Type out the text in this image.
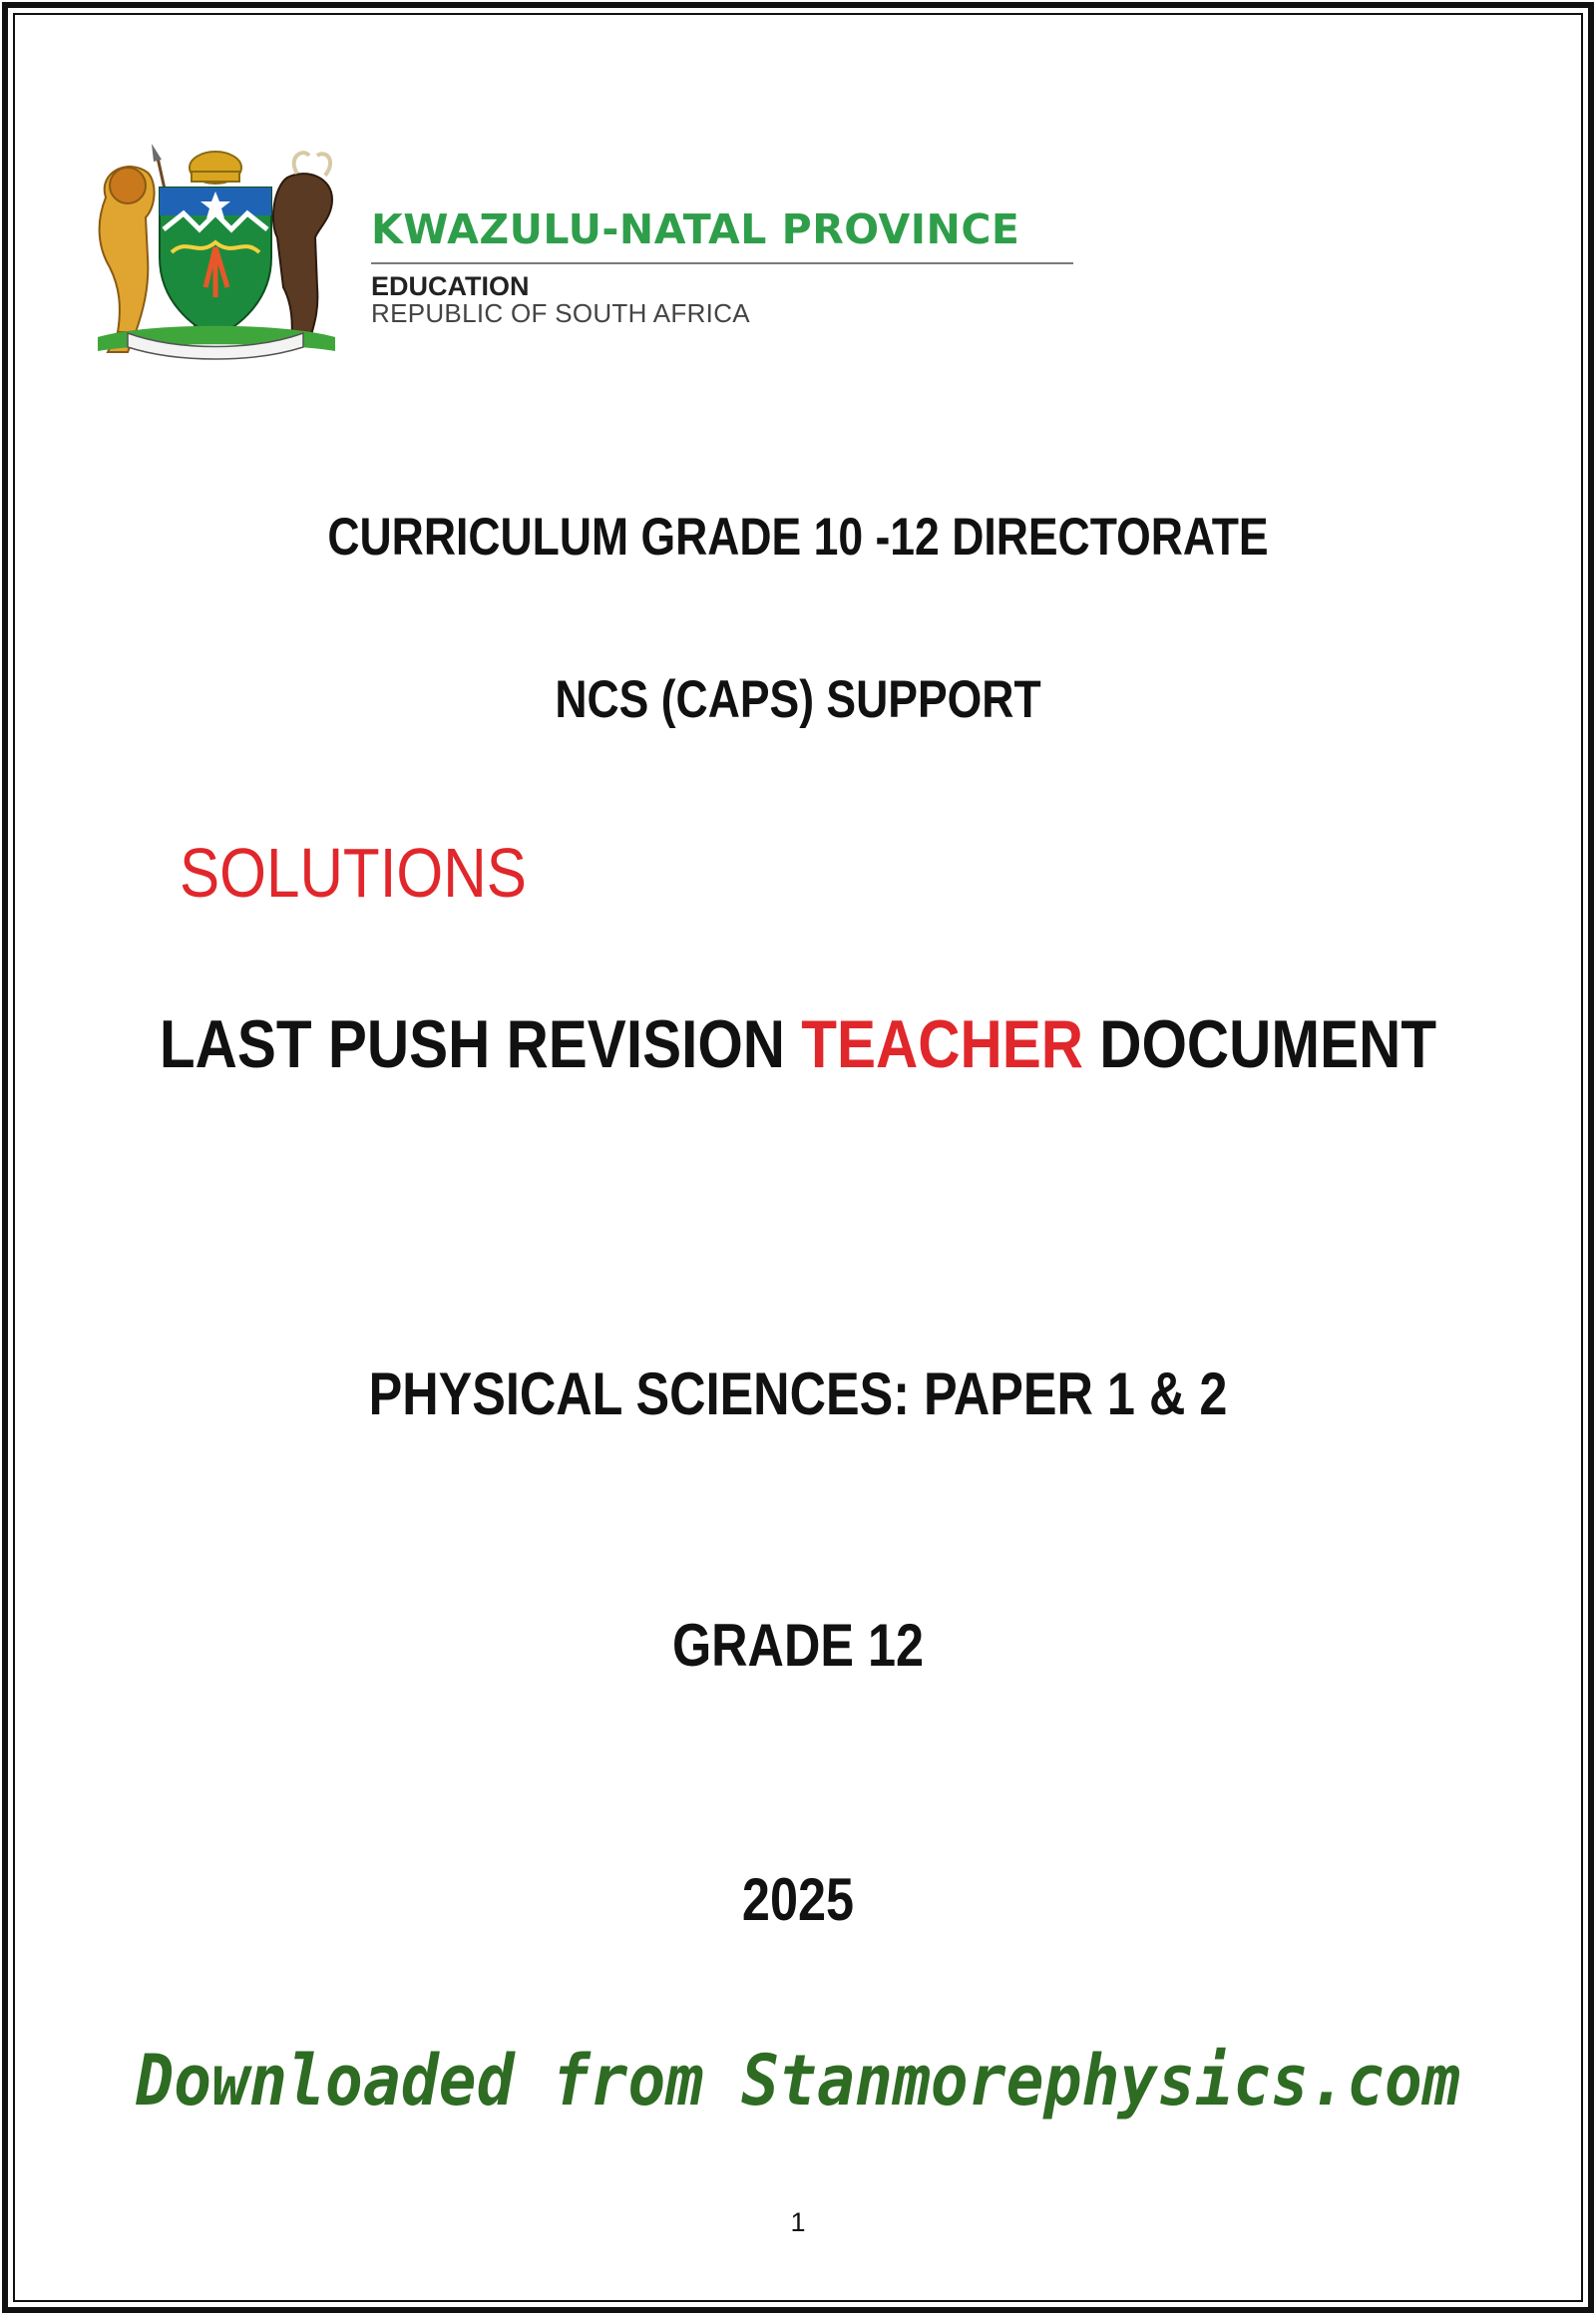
KWAZULU-NATAL PROVINCE
EDUCATION
REPUBLIC OF SOUTH AFRICA
CURRICULUM GRADE 10 -12 DIRECTORATE
NCS (CAPS) SUPPORT
SOLUTIONS
LAST PUSH REVISION TEACHER DOCUMENT
PHYSICAL SCIENCES: PAPER 1 & 2
GRADE 12
2025
Downloaded from Stanmorephysics.com
1
